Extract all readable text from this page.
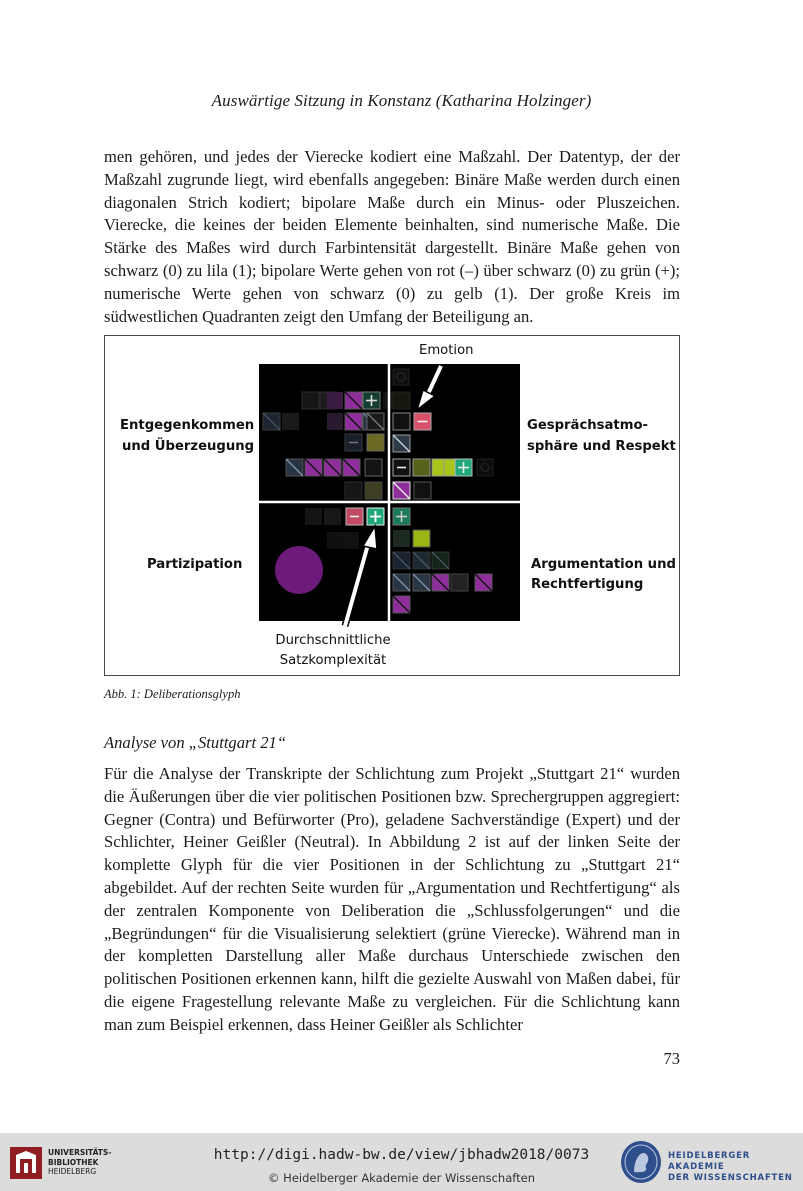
Auswärtige Sitzung in Konstanz (Katharina Holzinger)

men gehören, und jedes der Vierecke kodiert eine Maßzahl. Der Datentyp, der der Maßzahl zugrunde liegt, wird ebenfalls angegeben: Binäre Maße werden durch einen diagonalen Strich kodiert; bipolare Maße durch ein Minus- oder Pluszeichen. Vierecke, die keines der beiden Elemente beinhalten, sind numerische Maße. Die Stärke des Maßes wird durch Farbintensität dargestellt. Binäre Maße gehen von schwarz (0) zu lila (1); bipolare Werte gehen von rot (–) über schwarz (0) zu grün (+); numerische Werte gehen von schwarz (0) zu gelb (1). Der große Kreis im südwestlichen Quadranten zeigt den Umfang der Beteiligung an.

Emotion
Entgegenkommen
und Überzeugung
Gesprächsatmo-
sphäre und Respekt
Partizipation	Argumentation und
Rechtfertigung
Durchschnittliche
Satzkomplexität
Abb. 1: Deliberationsglyph
Analyse von „Stuttgart 21“

Für die Analyse der Transkripte der Schlichtung zum Projekt „Stuttgart 21“ wurden die Äußerungen über die vier politischen Positionen bzw. Sprechergruppen aggregiert: Gegner (Contra) und Befürworter (Pro), geladene Sachverständige (Expert) und der Schlichter, Heiner Geißler (Neutral). In Abbildung 2 ist auf der linken Seite der komplette Glyph für die vier Positionen in der Schlichtung zu „Stuttgart 21“ abgebildet. Auf der rechten Seite wurden für „Argumentation und Rechtfertigung“ als der zentralen Komponente von Deliberation die „Schlussfolgerungen“ und die „Begründungen“ für die Visualisierung selektiert (grüne Vierecke). Während man in der kompletten Darstellung aller Maße durchaus Unterschiede zwischen den politischen Positionen erkennen kann, hilft die gezielte Auswahl von Maßen dabei, für die eigene Fragestellung relevante Maße zu vergleichen. Für die Schlichtung kann man zum Beispiel erkennen, dass Heiner Geißler als Schlichter

73
UNIVERSITÄTS-
BIBLIOTHEK
HEIDELBERG
http://digi.hadw-bw.de/view/jbhadw2018/0073
© Heidelberger Akademie der Wissenschaften
HEIDELBERGER AKADEMIE
DER WISSENSCHAFTEN
